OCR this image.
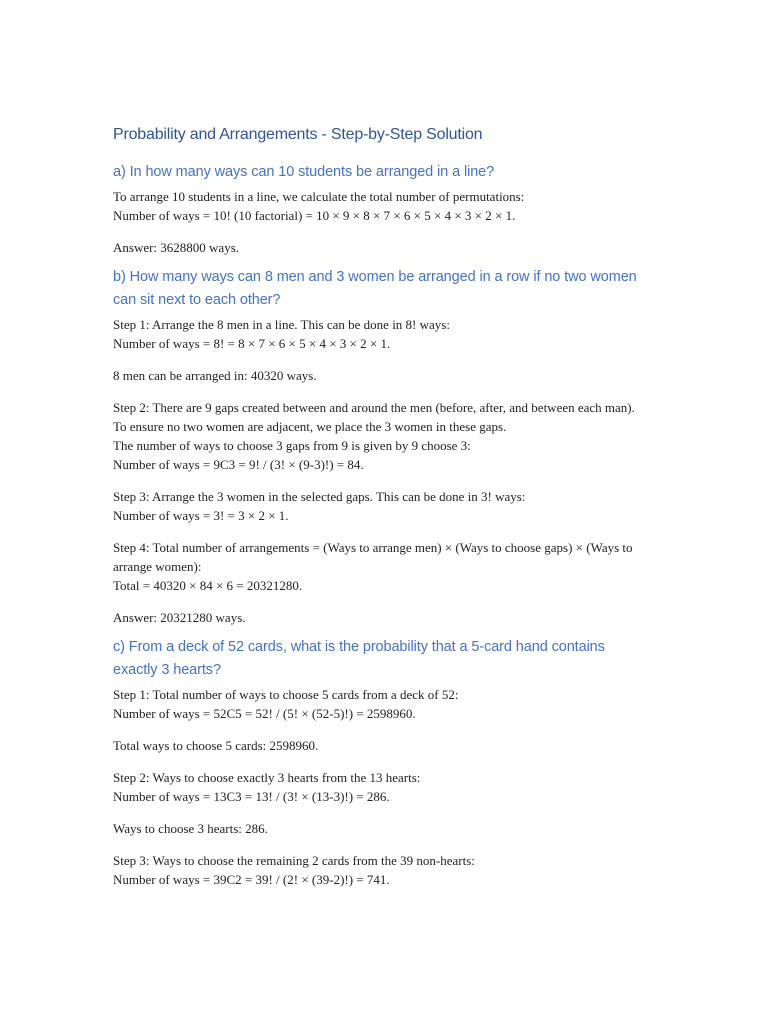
Probability and Arrangements - Step-by-Step Solution
a) In how many ways can 10 students be arranged in a line?

To arrange 10 students in a line, we calculate the total number of permutations:

Number of ways = 10! (10 factorial) = 10 × 9 × 8 × 7 × 6 × 5 × 4 × 3 × 2 × 1.

Answer: 3628800 ways.

b) How many ways can 8 men and 3 women be arranged in a row if no two women can sit next to each other?

Step 1: Arrange the 8 men in a line. This can be done in 8! ways:

Number of ways = 8! = 8 × 7 × 6 × 5 × 4 × 3 × 2 × 1.

8 men can be arranged in: 40320 ways.

Step 2: There are 9 gaps created between and around the men (before, after, and between each man).

To ensure no two women are adjacent, we place the 3 women in these gaps.

The number of ways to choose 3 gaps from 9 is given by 9 choose 3:

Number of ways = 9C3 = 9! / (3! × (9-3)!) = 84.

Step 3: Arrange the 3 women in the selected gaps. This can be done in 3! ways:

Number of ways = 3! = 3 × 2 × 1.

Step 4: Total number of arrangements = (Ways to arrange men) × (Ways to choose gaps) × (Ways to arrange women):

Total = 40320 × 84 × 6 = 20321280.

Answer: 20321280 ways.

c) From a deck of 52 cards, what is the probability that a 5-card hand contains exactly 3 hearts?

Step 1: Total number of ways to choose 5 cards from a deck of 52:

Number of ways = 52C5 = 52! / (5! × (52-5)!) = 2598960.

Total ways to choose 5 cards: 2598960.

Step 2: Ways to choose exactly 3 hearts from the 13 hearts:

Number of ways = 13C3 = 13! / (3! × (13-3)!) = 286.

Ways to choose 3 hearts: 286.

Step 3: Ways to choose the remaining 2 cards from the 39 non-hearts:

Number of ways = 39C2 = 39! / (2! × (39-2)!) = 741.
